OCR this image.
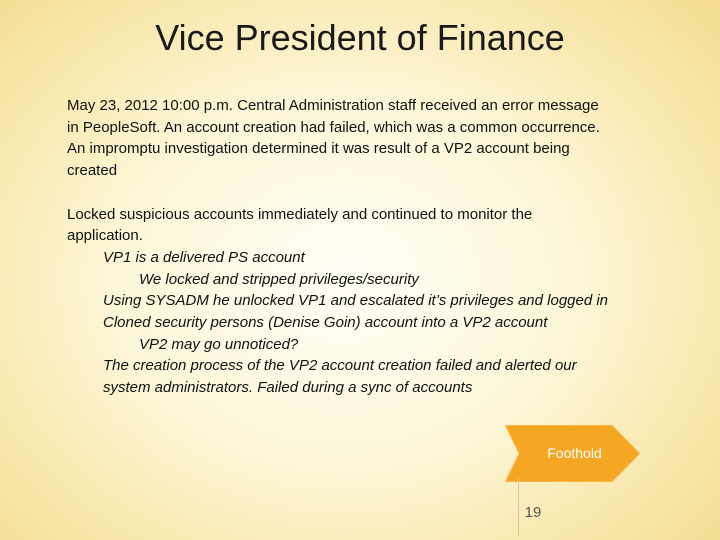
Vice President of Finance
May 23, 2012 10:00 p.m. Central Administration staff received an error message
in PeopleSoft. An account creation had failed, which was a common occurrence.
An impromptu investigation determined it was result of a VP2 account being
created
Locked suspicious accounts immediately and continued to monitor the
application.
VP1 is a delivered PS account
We locked and stripped privileges/security
Using SYSADM he unlocked VP1 and escalated it’s privileges and logged in
Cloned security persons (Denise Goin) account into a VP2 account
VP2 may go unnoticed?
The creation process of the VP2 account creation failed and alerted our
system administrators. Failed during a sync of accounts
Foothold
19
